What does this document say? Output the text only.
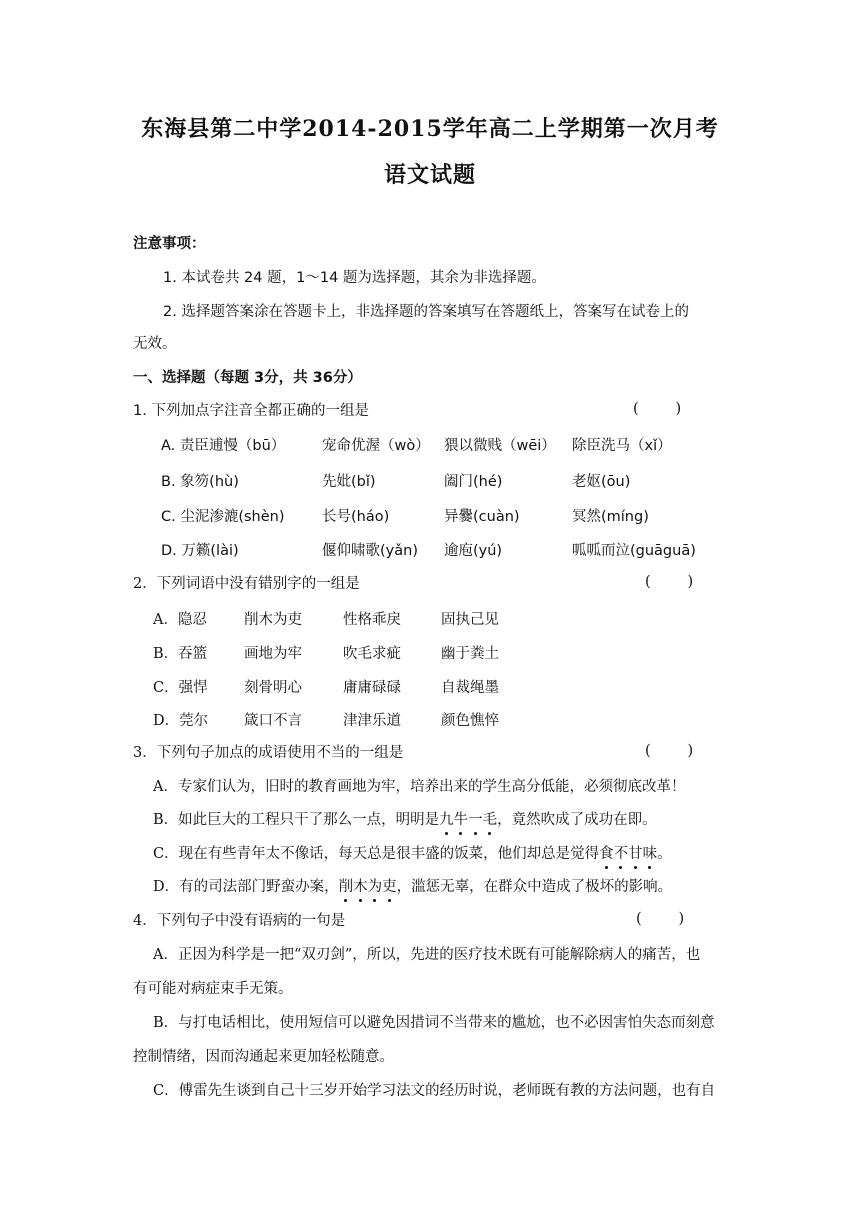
东海县第二中学2014-2015学年高二上学期第一次月考
语文试题
注意事项：
1. 本试卷共 24 题，1～14 题为选择题，其余为非选择题。
2. 选择题答案涂在答题卡上，非选择题的答案填写在答题纸上，答案写在试卷上的
无效。
一、选择题（每题 3分，共 36分）
1. 下列加点字注音全都正确的一组是	(        )
A. 责臣逋慢（bū）	宠命优渥（wò） 猥以微贱（wēi） 除臣洗马（xǐ）
B. 象笏(hù)	先妣(bǐ)	阖门(hé)	老妪(ōu)
C. 尘泥渗漉(shèn)	长号(háo)	异爨(cuàn)	冥然(míng)
D. 万籁(lài)	偃仰啸歌(yǎn) 逾庖(yú)	呱呱而泣(guāguā)
2．下列词语中没有错别字的一组是	(        )
A．隐忍	削木为吏	性格乖戾	固执己见
B．吞篮	画地为牢	吹毛求疵	幽于粪土
C．强悍	刻骨明心	庸庸碌碌	自裁绳墨
D．莞尔 箴口不言	津津乐道	颜色憔悴
3．下列句子加点的成语使用不当的一组是	(        )
A．专家们认为，旧时的教育画地为牢，培养出来的学生高分低能，必须彻底改革！
B．如此巨大的工程只干了那么一点，明明是九牛一毛，竟然吹成了成功在即。
C．现在有些青年太不像话，每天总是很丰盛的饭菜，他们却总是觉得食不甘味。
D．有的司法部门野蛮办案，削木为吏，滥惩无辜，在群众中造成了极坏的影响。
4．下列句子中没有语病的一句是	(        )
A．正因为科学是一把“双刃剑”，所以，先进的医疗技术既有可能解除病人的痛苦，也
有可能对病症束手无策。
B．与打电话相比，使用短信可以避免因措词不当带来的尴尬，也不必因害怕失态而刻意
控制情绪，因而沟通起来更加轻松随意。
C．傅雷先生谈到自己十三岁开始学习法文的经历时说，老师既有教的方法问题，也有自
